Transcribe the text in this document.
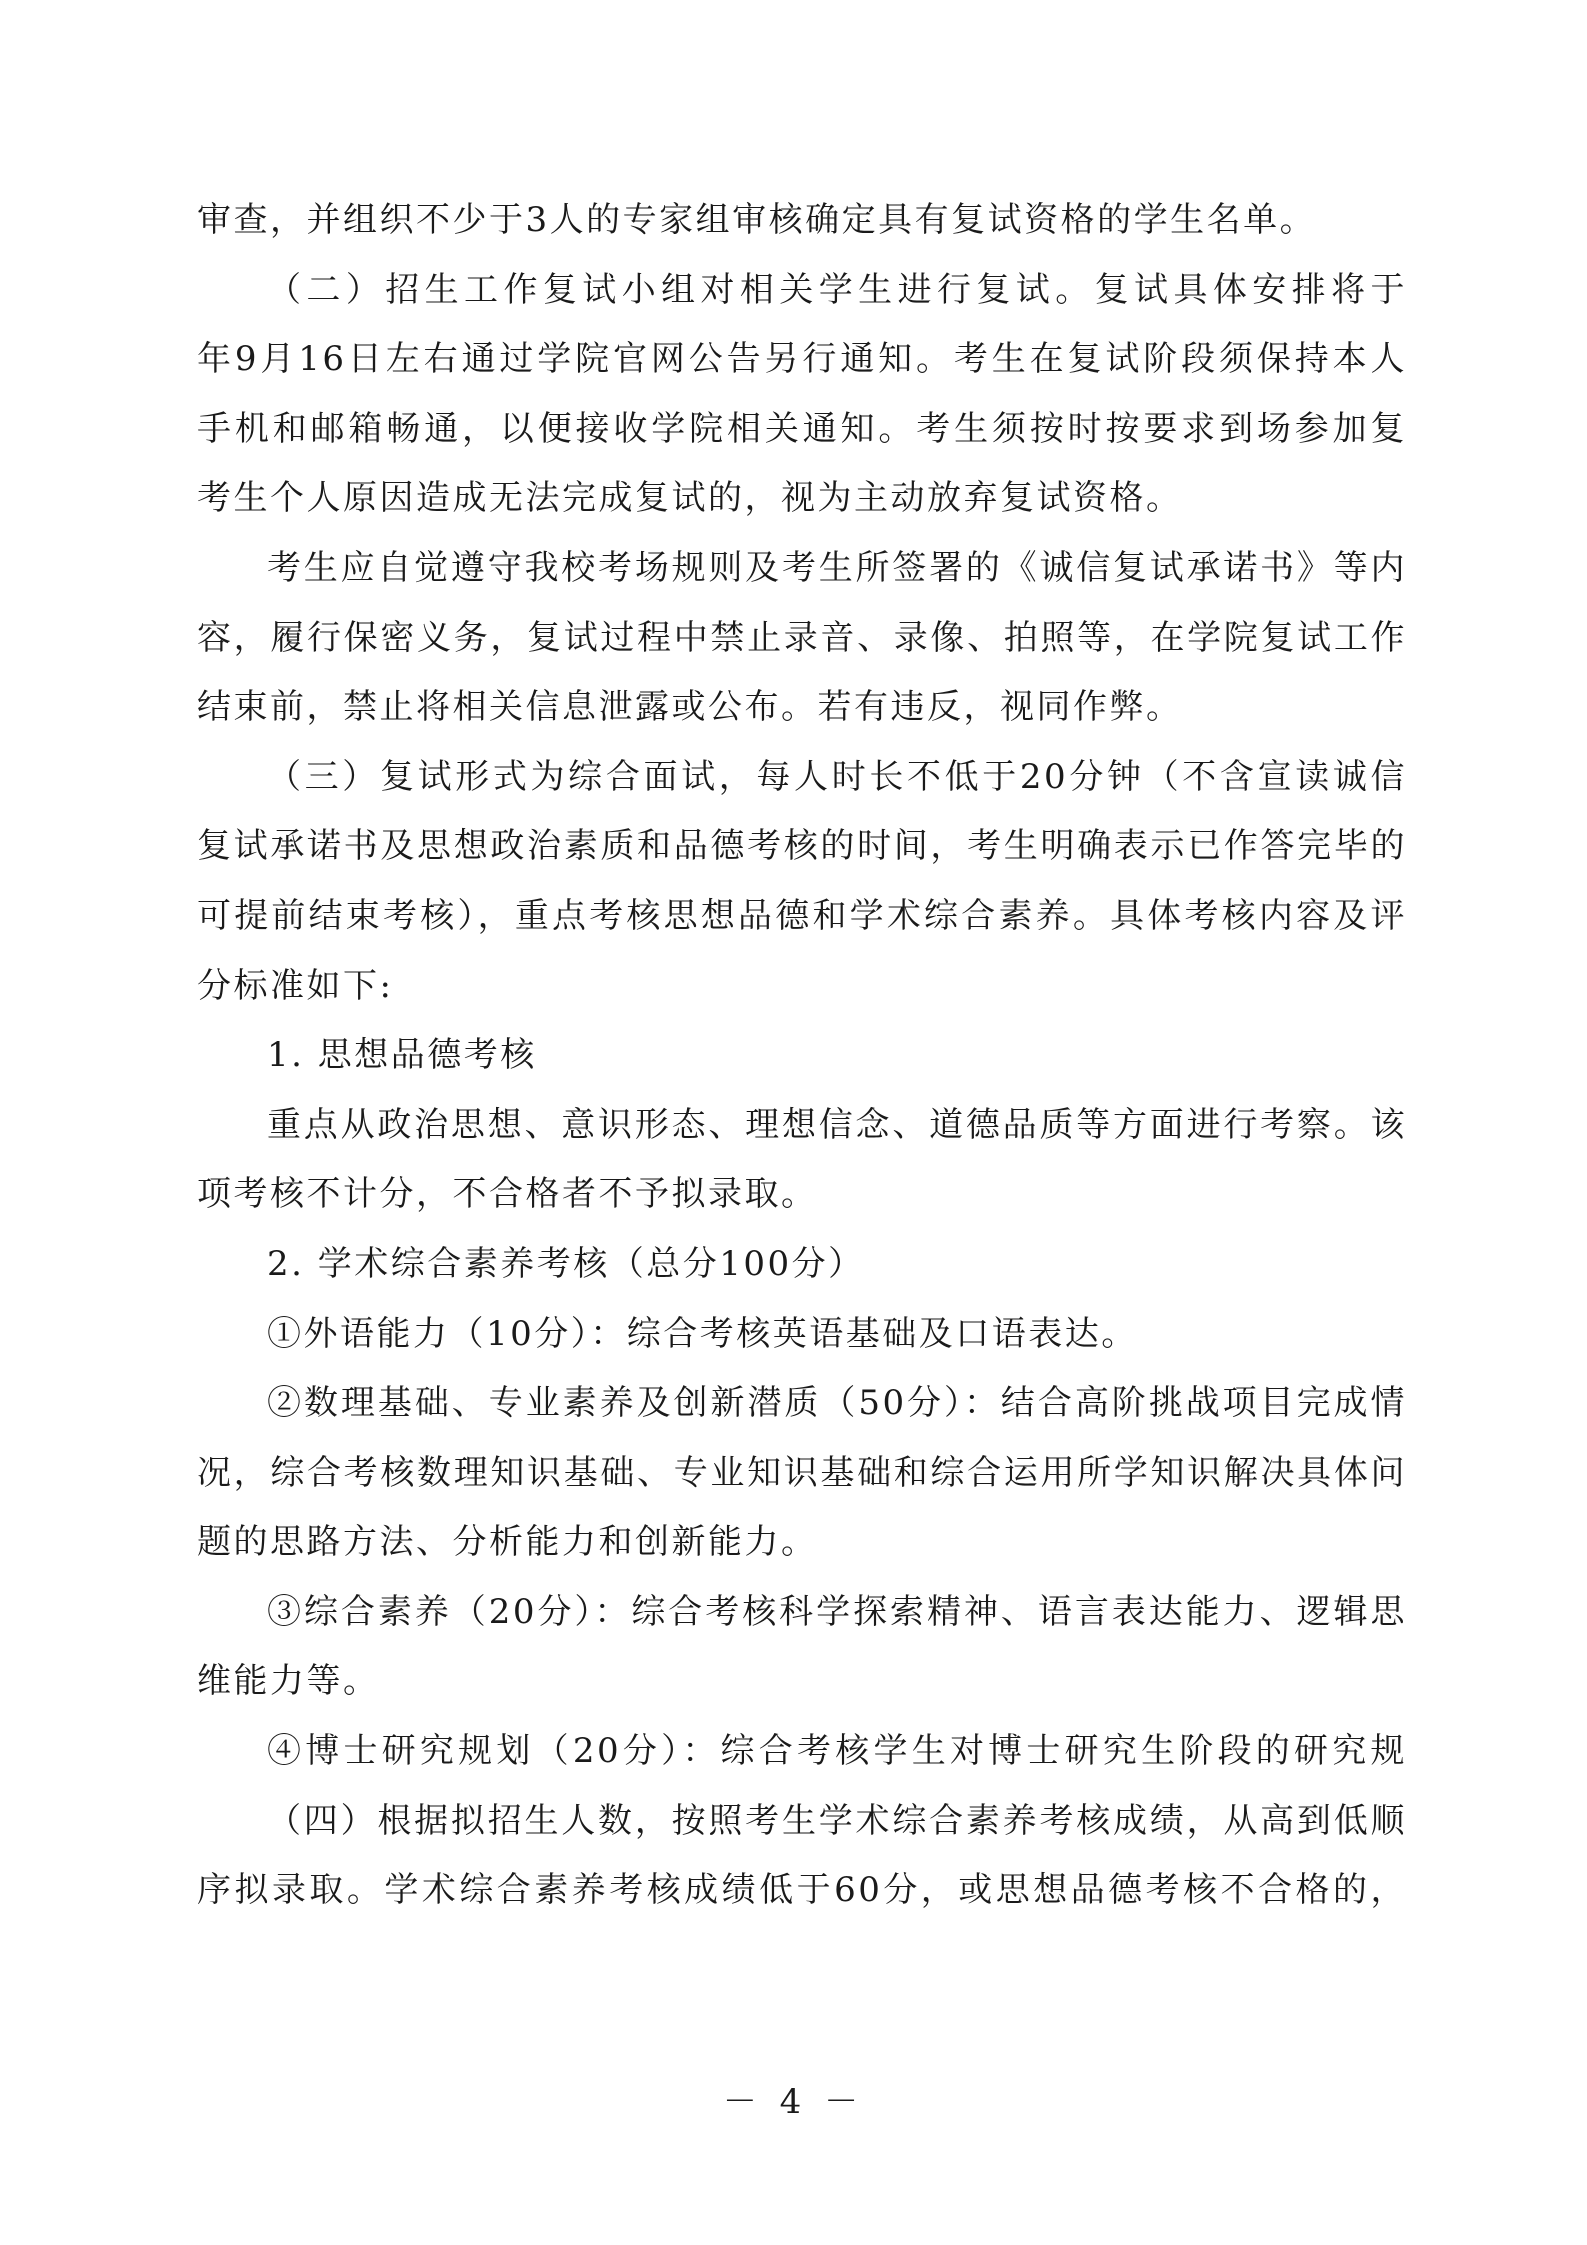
审查，并组织不少于3人的专家组审核确定具有复试资格的学生名单。
（二）招生工作复试小组对相关学生进行复试。复试具体安排将于
年9月16日左右通过学院官网公告另行通知。考生在复试阶段须保持本人
手机和邮箱畅通，以便接收学院相关通知。考生须按时按要求到场参加复
考生个人原因造成无法完成复试的，视为主动放弃复试资格。
考生应自觉遵守我校考场规则及考生所签署的《诚信复试承诺书》等内
容，履行保密义务，复试过程中禁止录音、录像、拍照等，在学院复试工作
结束前，禁止将相关信息泄露或公布。若有违反，视同作弊。
（三）复试形式为综合面试，每人时长不低于20分钟（不含宣读诚信
复试承诺书及思想政治素质和品德考核的时间，考生明确表示已作答完毕的
可提前结束考核），重点考核思想品德和学术综合素养。具体考核内容及评
分标准如下:
1. 思想品德考核
重点从政治思想、意识形态、理想信念、道德品质等方面进行考察。该
项考核不计分，不合格者不予拟录取。
2. 学术综合素养考核（总分100分）
①外语能力（10分）：综合考核英语基础及口语表达。
②数理基础、专业素养及创新潜质（50分）：结合高阶挑战项目完成情
况，综合考核数理知识基础、专业知识基础和综合运用所学知识解决具体问
题的思路方法、分析能力和创新能力。
③综合素养（20分）：综合考核科学探索精神、语言表达能力、逻辑思
维能力等。
④博士研究规划（20分）：综合考核学生对博士研究生阶段的研究规
（四）根据拟招生人数，按照考生学术综合素养考核成绩，从高到低顺
序拟录取。学术综合素养考核成绩低于60分，或思想品德考核不合格的，
－ 4 －
